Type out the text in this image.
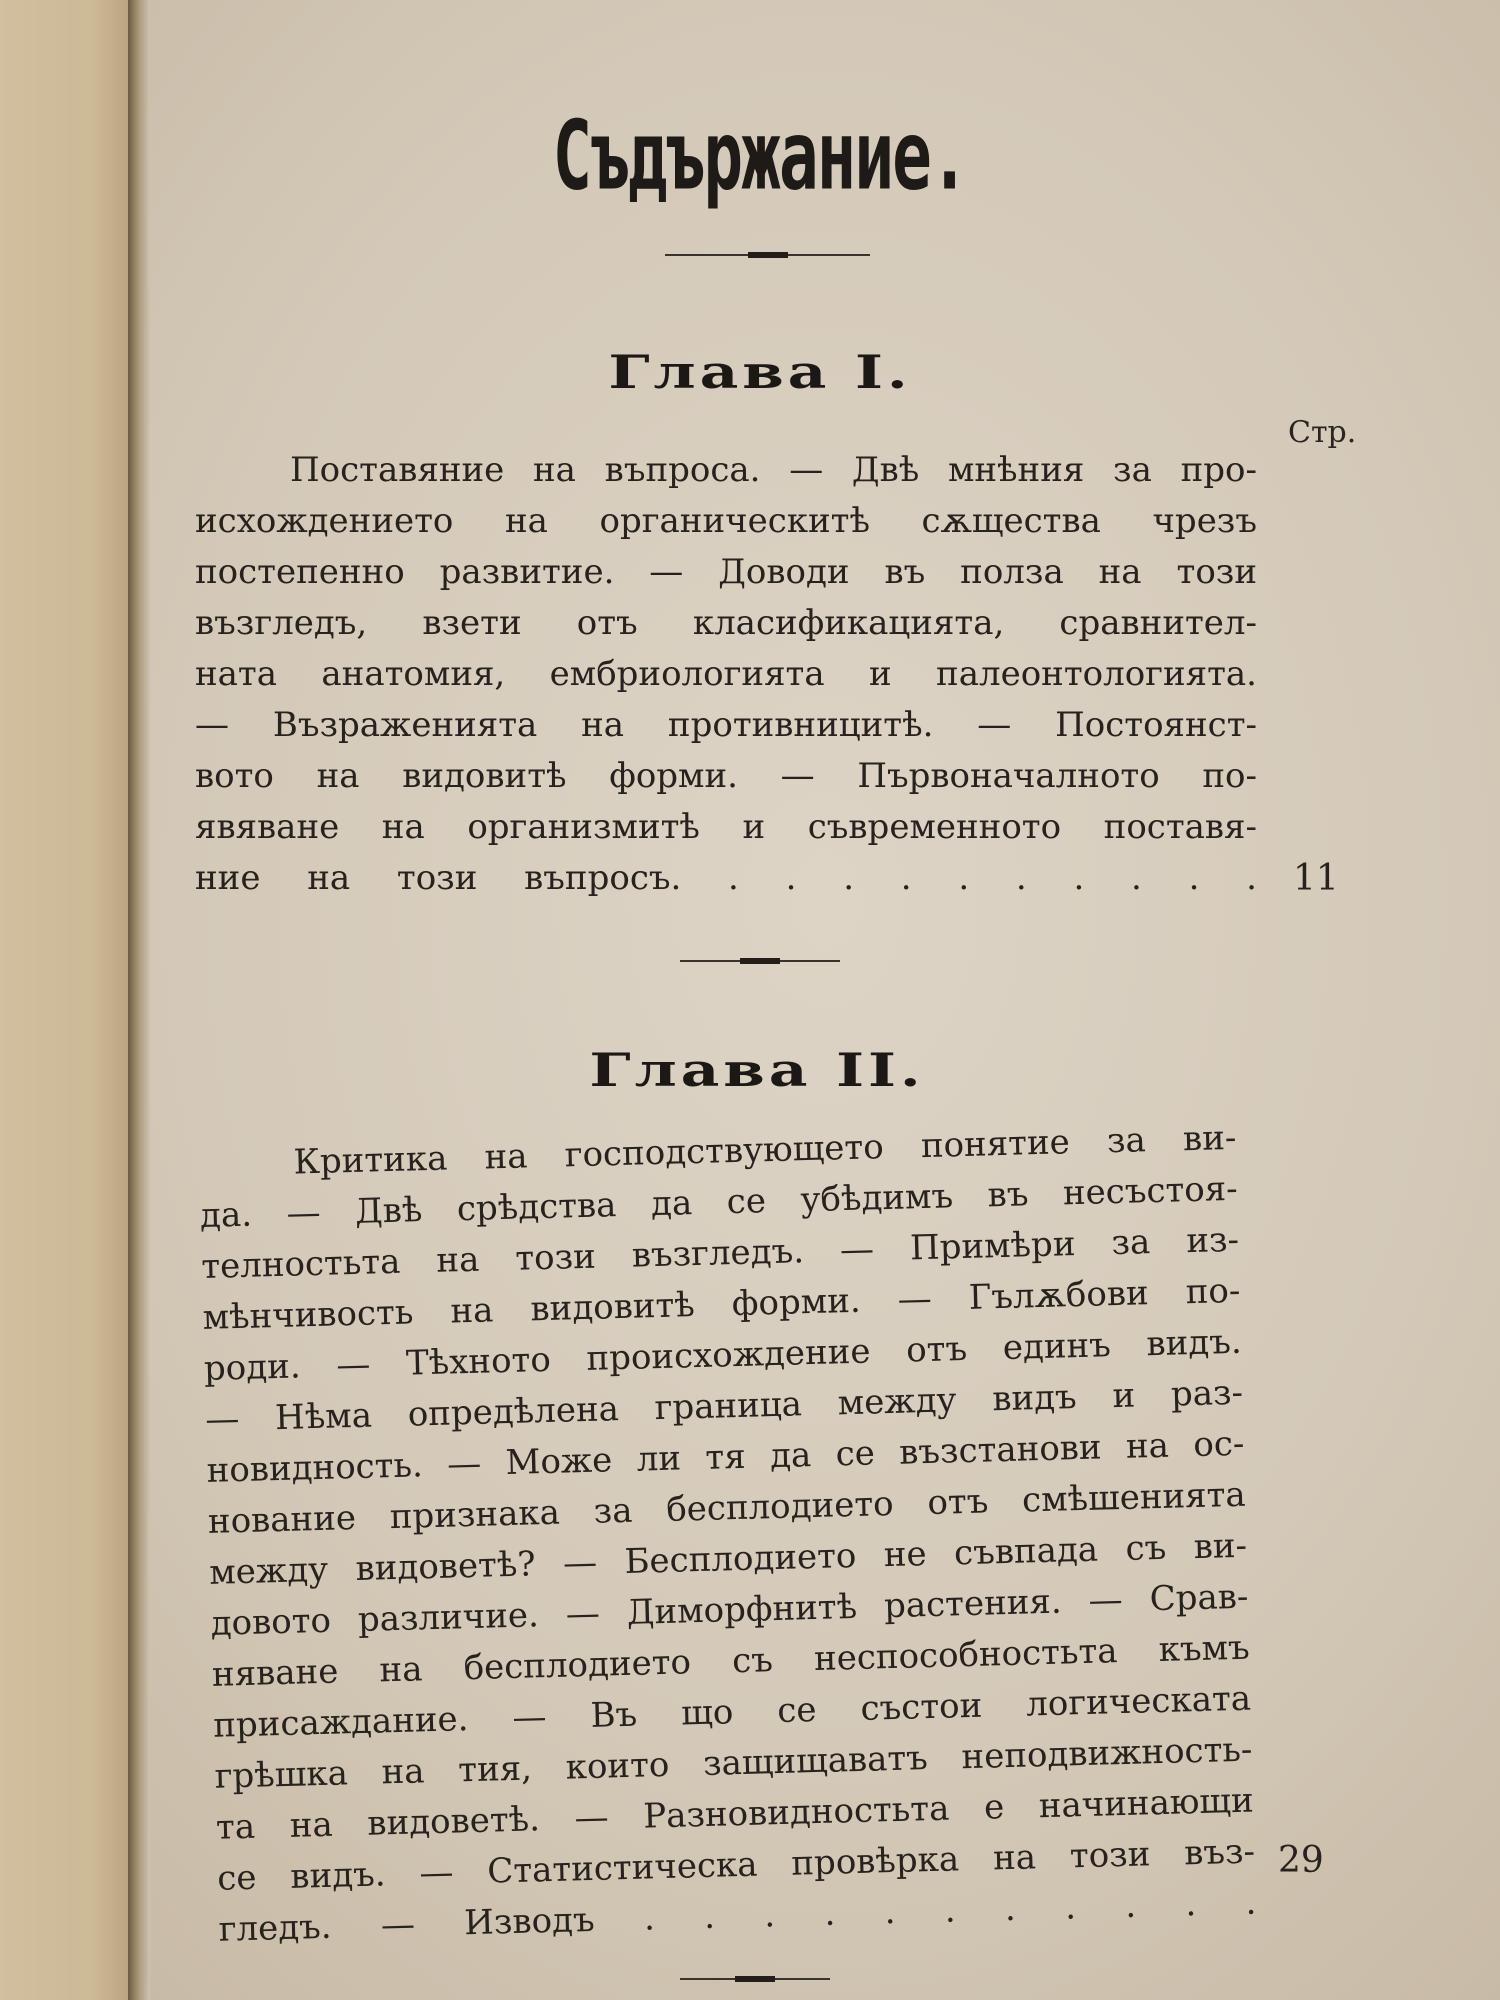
Съдържание.
Глава I.
Стр.
Поставяние на въпроса. — Двѣ мнѣния за про-
исхождението на органическитѣ сѫщества чрезъ
постепенно развитие. — Доводи въ полза на този
възгледъ, взети отъ класификацията, сравнител-
ната анатомия, ембриологията и палеонтологията.
— Възраженията на противницитѣ. — Постоянст-
вото на видовитѣ форми. — Първоначалното по-
явяване на организмитѣ и съвременното поставя-
ние на този въпросъ. . . . . . . . . . . 11
Глава II.
Критика на господствующето понятие за ви-
да. — Двѣ срѣдства да се убѣдимъ въ несъстоя-
телностьта на този възгледъ. — Примѣри за из-
мѣнчивость на видовитѣ форми. — Гълѫбови по-
роди. — Тѣхното происхождение отъ единъ видъ.
— Нѣма опредѣлена граница между видъ и раз-
новидность. — Може ли тя да се възстанови на ос-
нование признака за бесплодието отъ смѣшенията
между видоветѣ? — Бесплодието не съвпада съ ви-
довото различие. — Диморфнитѣ растения. — Срав-
няване на бесплодието съ неспособностьта къмъ
присаждание. — Въ що се състои логическата
грѣшка на тия, които защищаватъ неподвижность-
та на видоветѣ. — Разновидностьта е начинающи
се видъ. — Статистическа провѣрка на този въз-
гледъ. — Изводъ . . . . . . . . . . .
29
